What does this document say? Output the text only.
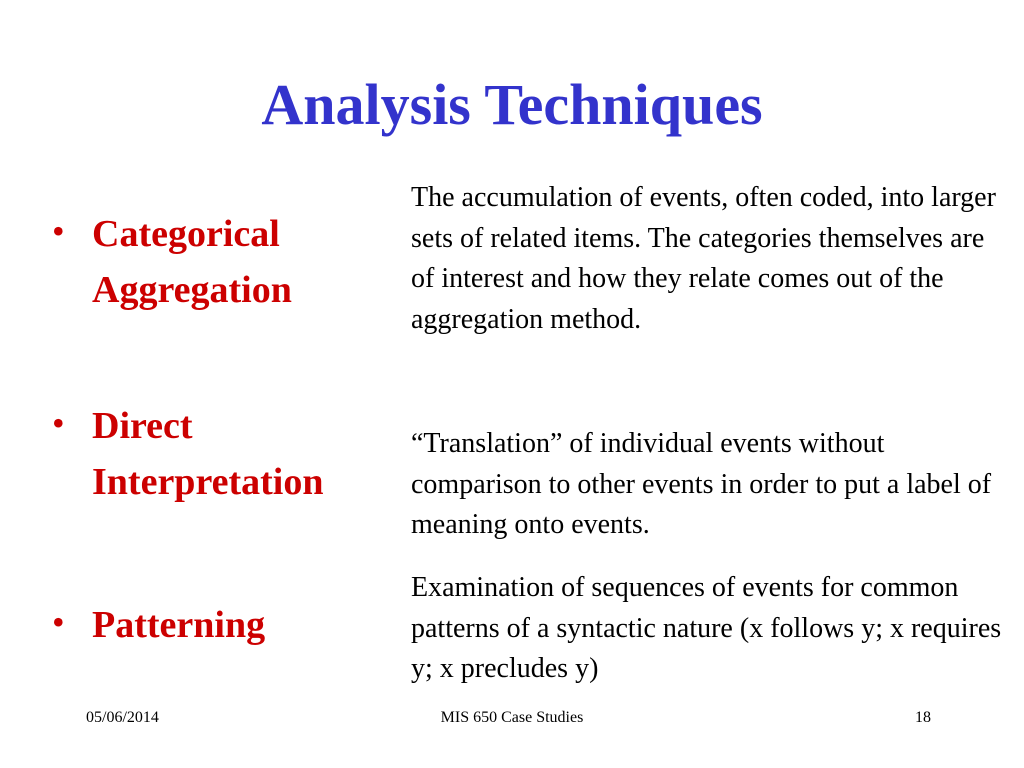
Analysis Techniques
• Categorical Aggregation
• Direct Interpretation
• Patterning
The accumulation of events, often coded, into larger sets of related items. The categories themselves are of interest and how they relate comes out of the aggregation method.
“Translation” of individual events without comparison to other events in order to put a label of meaning onto events.
Examination of sequences of events for common patterns of a syntactic nature (x follows y; x requires y; x precludes y)
05/06/2014	MIS 650 Case Studies	18
